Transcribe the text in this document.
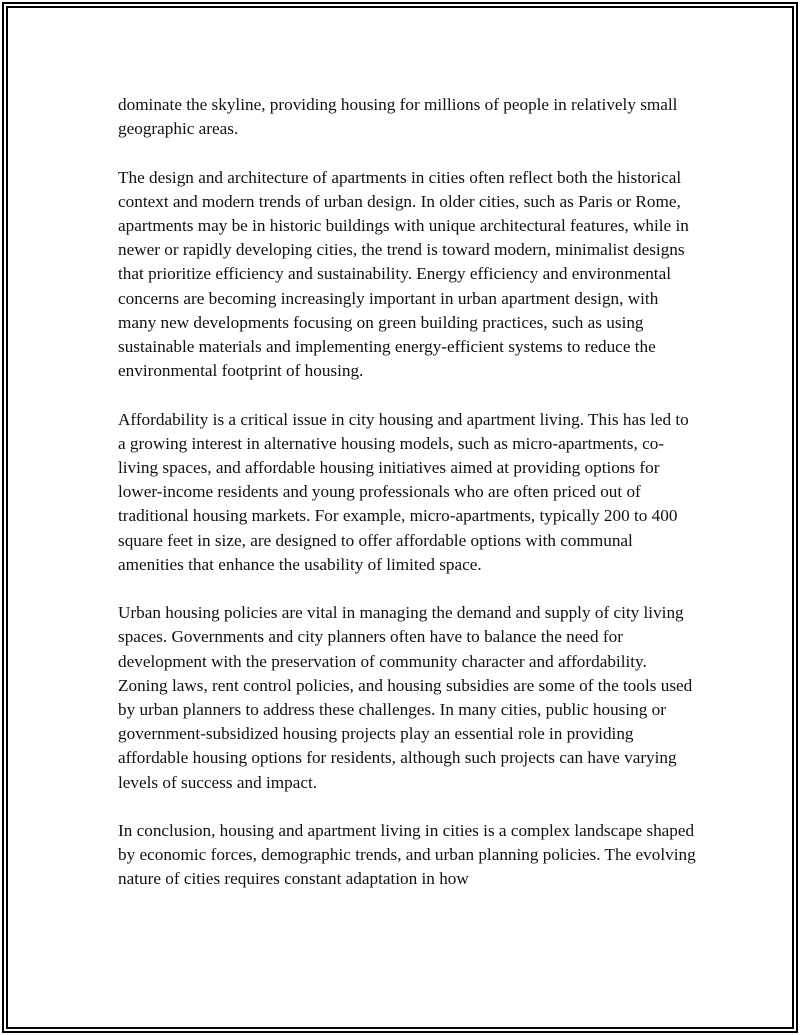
dominate the skyline, providing housing for millions of people in relatively small geographic areas.

The design and architecture of apartments in cities often reflect both the historical context and modern trends of urban design. In older cities, such as Paris or Rome, apartments may be in historic buildings with unique architectural features, while in newer or rapidly developing cities, the trend is toward modern, minimalist designs that prioritize efficiency and sustainability. Energy efficiency and environmental concerns are becoming increasingly important in urban apartment design, with many new developments focusing on green building practices, such as using sustainable materials and implementing energy-efficient systems to reduce the environmental footprint of housing.

Affordability is a critical issue in city housing and apartment living. This has led to a growing interest in alternative housing models, such as micro-apartments, co-living spaces, and affordable housing initiatives aimed at providing options for lower-income residents and young professionals who are often priced out of traditional housing markets. For example, micro-apartments, typically 200 to 400 square feet in size, are designed to offer affordable options with communal amenities that enhance the usability of limited space.

Urban housing policies are vital in managing the demand and supply of city living spaces. Governments and city planners often have to balance the need for development with the preservation of community character and affordability. Zoning laws, rent control policies, and housing subsidies are some of the tools used by urban planners to address these challenges. In many cities, public housing or government-subsidized housing projects play an essential role in providing affordable housing options for residents, although such projects can have varying levels of success and impact.

In conclusion, housing and apartment living in cities is a complex landscape shaped by economic forces, demographic trends, and urban planning policies. The evolving nature of cities requires constant adaptation in how
